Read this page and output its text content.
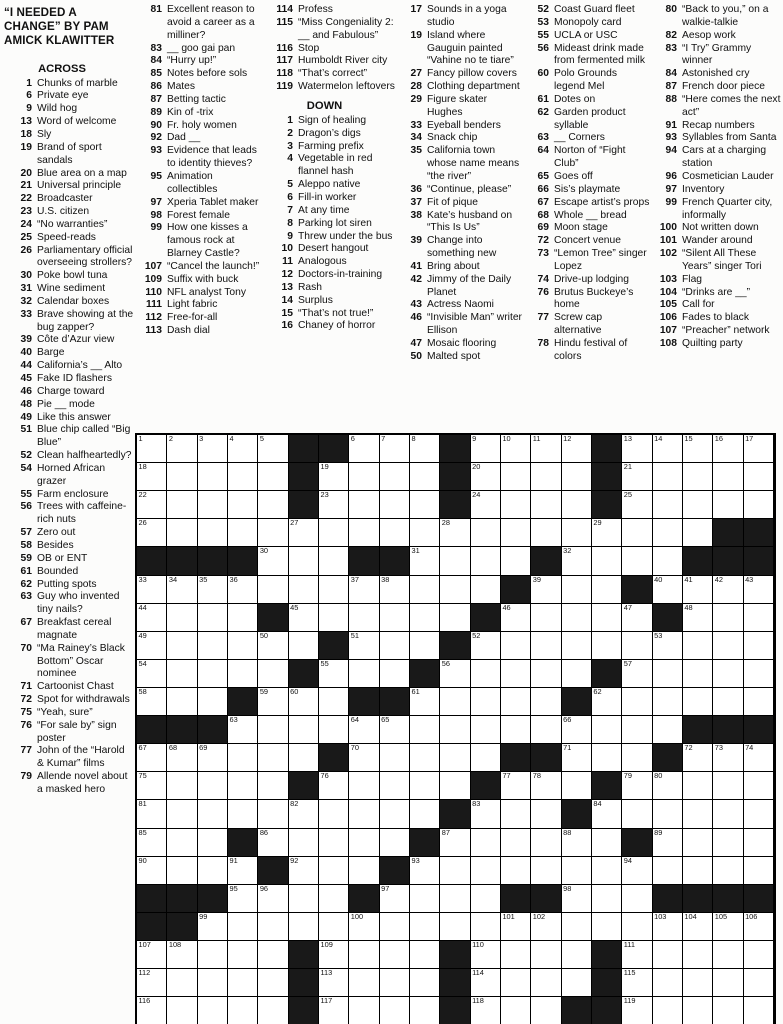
“I NEEDED A CHANGE” BY PAM AMICK KLAWITTER
ACROSS
1 Chunks of marble
6 Private eye
9 Wild hog
13 Word of welcome
18 Sly
19 Brand of sport sandals
20 Blue area on a map
21 Universal principle
22 Broadcaster
23 U.S. citizen
24 “No warranties”
25 Speed-reads
26 Parliamentary official overseeing strollers?
30 Poke bowl tuna
31 Wine sediment
32 Calendar boxes
33 Brave showing at the bug zapper?
39 Côte d’Azur view
40 Barge
44 California’s __ Alto
45 Fake ID flashers
46 Charge toward
48 Pie __ mode
49 Like this answer
51 Blue chip called “Big Blue”
52 Clean halfheartedly?
54 Horned African grazer
55 Farm enclosure
56 Trees with caffeine-rich nuts
57 Zero out
58 Besides
59 OB or ENT
61 Bounded
62 Putting spots
63 Guy who invented tiny nails?
67 Breakfast cereal magnate
70 “Ma Rainey’s Black Bottom” Oscar nominee
71 Cartoonist Chast
72 Spot for withdrawals
75 “Yeah, sure”
76 “For sale by” sign poster
77 John of the “Harold & Kumar” films
79 Allende novel about a masked hero
81 Excellent reason to avoid a career as a milliner?
83 __ goo gai pan
84 “Hurry up!”
85 Notes before sols
86 Mates
87 Betting tactic
89 Kin of -trix
90 Fr. holy women
92 Dad __
93 Evidence that leads to identity thieves?
95 Animation collectibles
97 Xperia Tablet maker
98 Forest female
99 How one kisses a famous rock at Blarney Castle?
107 “Cancel the launch!”
109 Suffix with buck
110 NFL analyst Tony
111 Light fabric
112 Free-for-all
113 Dash dial
114 Profess
115 “Miss Congeniality 2: __ and Fabulous”
116 Stop
117 Humboldt River city
118 “That’s correct”
119 Watermelon leftovers
DOWN
1 Sign of healing
2 Dragon’s digs
3 Farming prefix
4 Vegetable in red flannel hash
5 Aleppo native
6 Fill-in worker
7 At any time
8 Parking lot siren
9 Threw under the bus
10 Desert hangout
11 Analogous
12 Doctors-in-training
13 Rash
14 Surplus
15 “That’s not true!”
16 Chaney of horror
17 Sounds in a yoga studio
19 Island where Gauguin painted “Vahine no te tiare”
27 Fancy pillow covers
28 Clothing department
29 Figure skater Hughes
33 Eyeball benders
34 Snack chip
35 California town whose name means “the river”
36 “Continue, please”
37 Fit of pique
38 Kate’s husband on “This Is Us”
39 Change into something new
41 Bring about
42 Jimmy of the Daily Planet
43 Actress Naomi
46 “Invisible Man” writer Ellison
47 Mosaic flooring
50 Malted spot
52 Coast Guard fleet
53 Monopoly card
55 UCLA or USC
56 Mideast drink made from fermented milk
60 Polo Grounds legend Mel
61 Dotes on
62 Garden product syllable
63 __ Corners
64 Norton of “Fight Club”
65 Goes off
66 Sis’s playmate
67 Escape artist’s props
68 Whole __ bread
69 Moon stage
72 Concert venue
73 “Lemon Tree” singer Lopez
74 Drive-up lodging
76 Brutus Buckeye’s home
77 Screw cap alternative
78 Hindu festival of colors
80 “Back to you,” on a walkie-talkie
82 Aesop work
83 “I Try” Grammy winner
84 Astonished cry
87 French door piece
88 “Here comes the next act”
91 Recap numbers
93 Syllables from Santa
94 Cars at a charging station
96 Cosmetician Lauder
97 Inventory
99 French Quarter city, informally
100 Not written down
101 Wander around
102 “Silent All These Years” singer Tori
103 Flag
104 “Drinks are __”
105 Call for
106 Fades to black
107 “Preacher” network
108 Quilting party
1	2	3	4	5	6	7	8	9	10	11	12	13	14	15	16	17
18	19	20	21
22	23	24	25
26	27	28	29
30	31	32
33	34	35	36	37	38	39	40	41	42	43
44	45	46	47	48
49	50	51	52	53
54	55	56	57
58	59	60	61	62
63	64	65	66
67	68	69	70	71	72	73	74
75	76	77	78	79	80
81	82	83	84
85	86	87	88	89
90	91	92	93	94
95	96	97	98
99	100	101 102	103 104 105 106
107 108	109	110	111
112	113	114	115
116	117	118	119
